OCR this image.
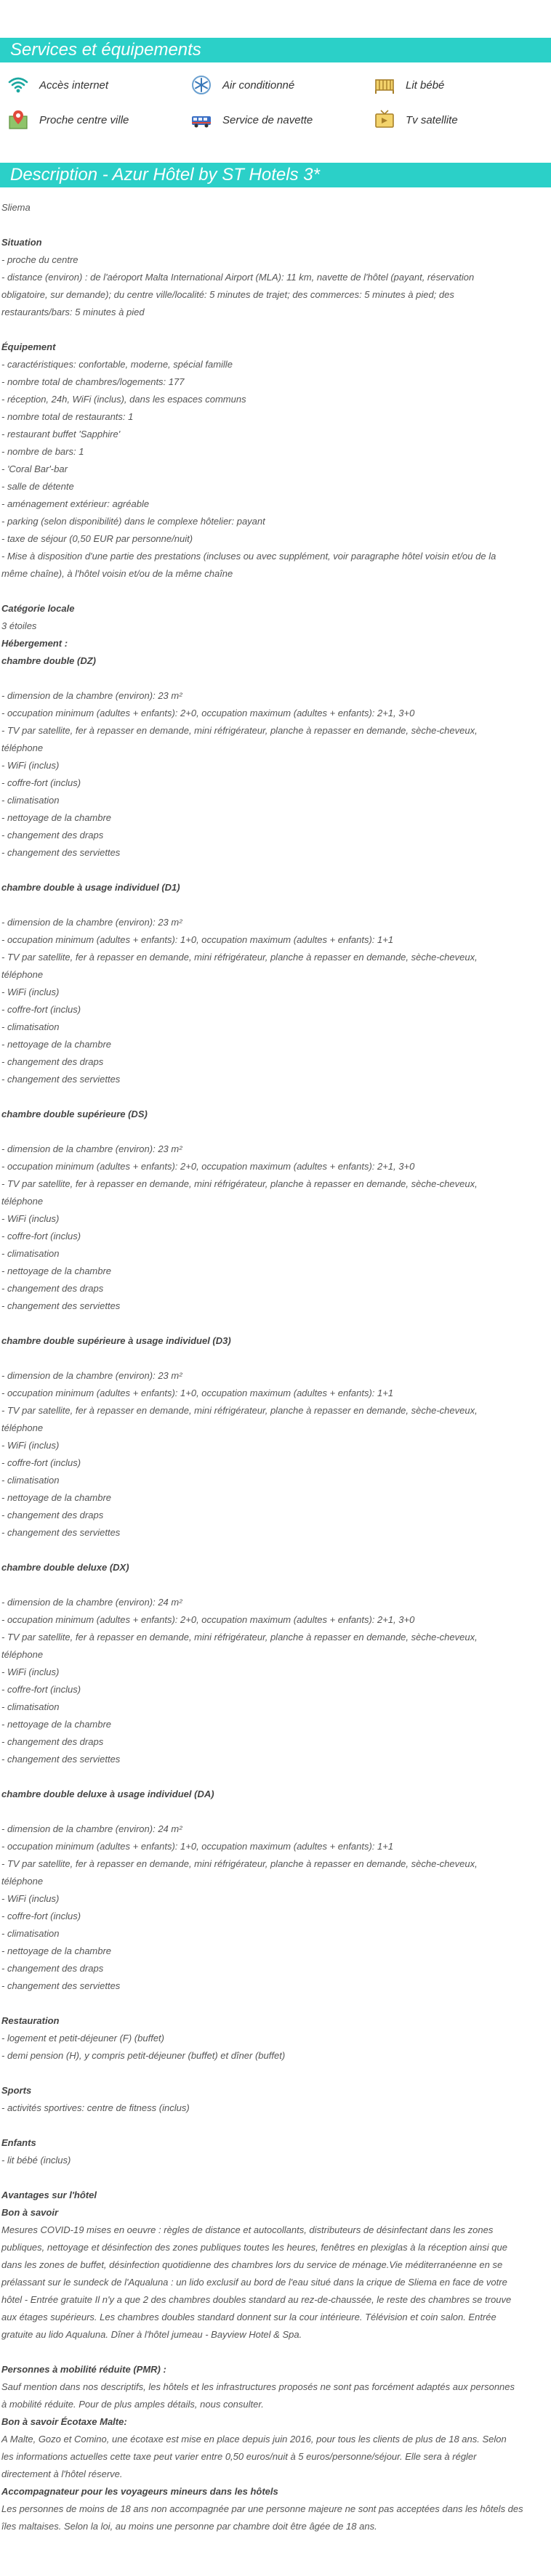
Services et équipements
Accès internet	Air conditionné	Lit bébé
Proche centre ville	Service de navette	Tv satellite
Description - Azur Hôtel by ST Hotels 3*

Sliema

Situation

- proche du centre

- distance (environ) : de l'aéroport Malta International Airport (MLA): 11 km, navette de l'hôtel (payant, réservation

obligatoire, sur demande); du centre ville/localité: 5 minutes de trajet; des commerces: 5 minutes à pied; des

restaurants/bars: 5 minutes à pied

Équipement

- caractéristiques: confortable, moderne, spécial famille

- nombre total de chambres/logements: 177

- réception, 24h, WiFi (inclus), dans les espaces communs

- nombre total de restaurants: 1

- restaurant buffet 'Sapphire'

- nombre de bars: 1

- 'Coral Bar'-bar

- salle de détente

- aménagement extérieur: agréable

- parking (selon disponibilité) dans le complexe hôtelier: payant

- taxe de séjour (0,50 EUR par personne/nuit)

- Mise à disposition d'une partie des prestations (incluses ou avec supplément, voir paragraphe hôtel voisin et/ou de la

même chaîne), à l'hôtel voisin et/ou de la même chaîne

Catégorie locale

3 étoiles

Hébergement :

chambre double (DZ)

- dimension de la chambre (environ): 23 m²

- occupation minimum (adultes + enfants): 2+0, occupation maximum (adultes + enfants): 2+1, 3+0

- TV par satellite, fer à repasser en demande, mini réfrigérateur, planche à repasser en demande, sèche-cheveux,

téléphone

- WiFi (inclus)

- coffre-fort (inclus)

- climatisation

- nettoyage de la chambre

- changement des draps

- changement des serviettes

chambre double à usage individuel (D1)

- dimension de la chambre (environ): 23 m²

- occupation minimum (adultes + enfants): 1+0, occupation maximum (adultes + enfants): 1+1

- TV par satellite, fer à repasser en demande, mini réfrigérateur, planche à repasser en demande, sèche-cheveux,

téléphone

- WiFi (inclus)

- coffre-fort (inclus)

- climatisation

- nettoyage de la chambre

- changement des draps

- changement des serviettes

chambre double supérieure (DS)

- dimension de la chambre (environ): 23 m²

- occupation minimum (adultes + enfants): 2+0, occupation maximum (adultes + enfants): 2+1, 3+0

- TV par satellite, fer à repasser en demande, mini réfrigérateur, planche à repasser en demande, sèche-cheveux,

téléphone

- WiFi (inclus)

- coffre-fort (inclus)

- climatisation

- nettoyage de la chambre

- changement des draps

- changement des serviettes

chambre double supérieure à usage individuel (D3)

- dimension de la chambre (environ): 23 m²

- occupation minimum (adultes + enfants): 1+0, occupation maximum (adultes + enfants): 1+1

- TV par satellite, fer à repasser en demande, mini réfrigérateur, planche à repasser en demande, sèche-cheveux,

téléphone

- WiFi (inclus)

- coffre-fort (inclus)

- climatisation

- nettoyage de la chambre

- changement des draps

- changement des serviettes

chambre double deluxe (DX)

- dimension de la chambre (environ): 24 m²

- occupation minimum (adultes + enfants): 2+0, occupation maximum (adultes + enfants): 2+1, 3+0

- TV par satellite, fer à repasser en demande, mini réfrigérateur, planche à repasser en demande, sèche-cheveux,

téléphone

- WiFi (inclus)

- coffre-fort (inclus)

- climatisation

- nettoyage de la chambre

- changement des draps

- changement des serviettes

chambre double deluxe à usage individuel (DA)

- dimension de la chambre (environ): 24 m²

- occupation minimum (adultes + enfants): 1+0, occupation maximum (adultes + enfants): 1+1

- TV par satellite, fer à repasser en demande, mini réfrigérateur, planche à repasser en demande, sèche-cheveux,

téléphone

- WiFi (inclus)

- coffre-fort (inclus)

- climatisation

- nettoyage de la chambre

- changement des draps

- changement des serviettes

Restauration

- logement et petit-déjeuner (F) (buffet)

- demi pension (H), y compris petit-déjeuner (buffet) et dîner (buffet)

Sports

- activités sportives: centre de fitness (inclus)

Enfants

- lit bébé (inclus)

Avantages sur l'hôtel

Bon à savoir

Mesures COVID-19 mises en oeuvre : règles de distance et autocollants, distributeurs de désinfectant dans les zones

publiques, nettoyage et désinfection des zones publiques toutes les heures, fenêtres en plexiglas à la réception ainsi que

dans les zones de buffet, désinfection quotidienne des chambres lors du service de ménage.Vie méditerranéenne en se

prélassant sur le sundeck de l'Aqualuna : un lido exclusif au bord de l'eau situé dans la crique de Sliema en face de votre

hôtel - Entrée gratuite Il n'y a que 2 des chambres doubles standard au rez-de-chaussée, le reste des chambres se trouve

aux étages supérieurs. Les chambres doubles standard donnent sur la cour intérieure. Télévision et coin salon. Entrée

gratuite au lido Aqualuna. Dîner à l'hôtel jumeau - Bayview Hotel & Spa.

Personnes à mobilité réduite (PMR) :

Sauf mention dans nos descriptifs, les hôtels et les infrastructures proposés ne sont pas forcément adaptés aux personnes

à mobilité réduite. Pour de plus amples détails, nous consulter.

Bon à savoir Écotaxe Malte:

A Malte, Gozo et Comino, une écotaxe est mise en place depuis juin 2016, pour tous les clients de plus de 18 ans. Selon

les informations actuelles cette taxe peut varier entre 0,50 euros/nuit à 5 euros/personne/séjour. Elle sera à régler

directement à l'hôtel réserve.

Accompagnateur pour les voyageurs mineurs dans les hôtels

Les personnes de moins de 18 ans non accompagnée par une personne majeure ne sont pas acceptées dans les hôtels des

îles maltaises. Selon la loi, au moins une personne par chambre doit être âgée de 18 ans.
